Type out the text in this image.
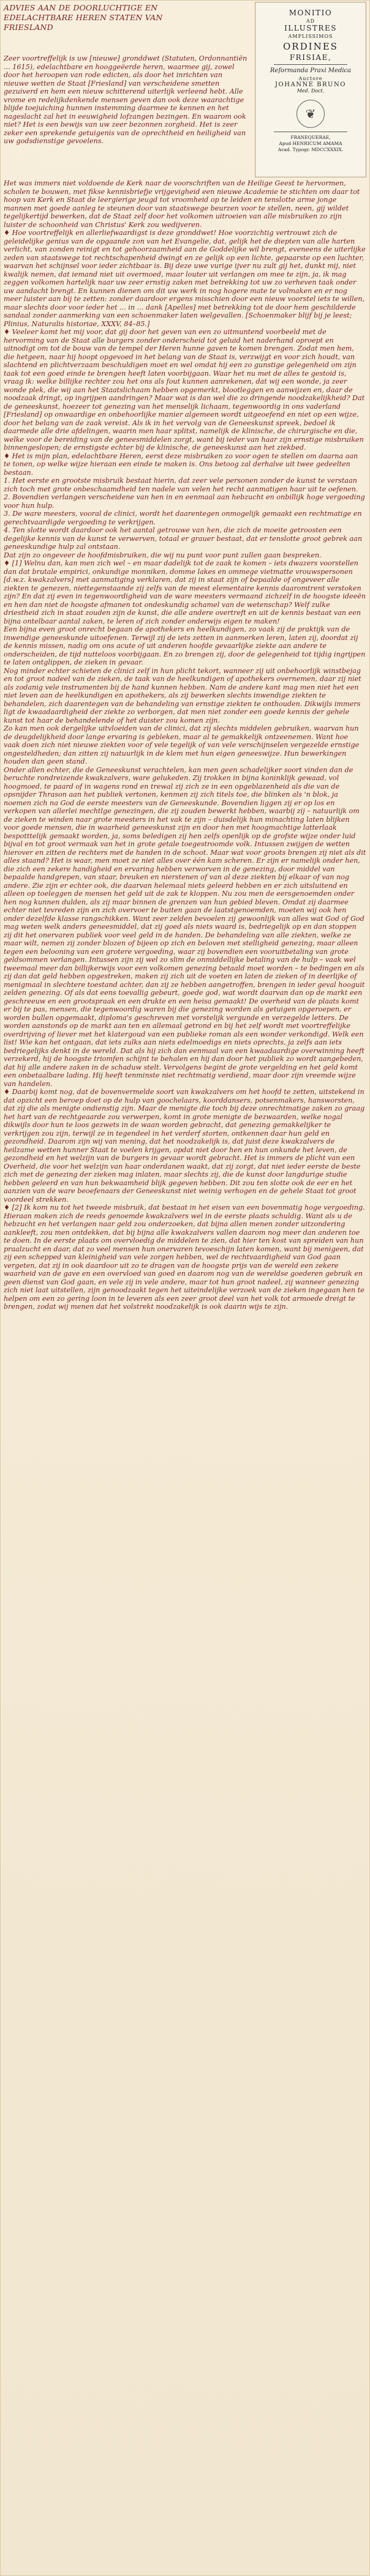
ADVIES AAN DE DOORLUCHTIGE EN
EDELACHTBARE HEREN STATEN VAN
FRIESLAND
MONITIO
AD
ILLUSTRES
AMPLISSIMOS
ORDINES
FRISIAE,
Reformanda Praxi Medica
Auctore
JOHANNE BRUNO
Med. Doct.
❦
FRANEQUERAE,
Apud HENRICUM AMAMA
Acad. Typogr. MDCCXXXIX.

Zeer voortreffelijk is uw [nieuwe] gronddwet (Statuten, Ordonnantiën ... 1615), edelachtbare en hooggeëerde heren, waarmee gij, zowel door het heroopen van rode edicten, als door het inrichten van nieuwe wetten de Staat [Friesland] van verscheidene smetten gezuiverd en hem een nieuw schitterend uiterlijk verleend hebt. Alle vrome en redelijkdenkende mensen geven dan ook deze waarachtige blijde toejuiching hunnen instemming daarmee te kennen en het nageslacht zal het in eeuwigheid lofzangen bezingen. En waarom ook niet? Het is een bewijs van uw zeer bezonnen zorgheid. Het is zeer zeker een sprekende getuigenis van de oprechtheid en heiligheid van uw godsdienstige gevoelens.

Het was immers niet voldoende de Kerk naar de voorschriften van de Heilige Geest te hervormen, scholen te bouwen, met fikse kennisbriefje vrijgevigheid een nieuwe Academie te stichten om daar tot hoop van Kerk en Staat de leergierige jeugd tot vroomheid op te leiden en tenslotte arme jonge mannen met goede aanleg te steunen door van staatswege beurzen voor te stellen, neen, gij wildet tegelijkertijd bewerken, dat de Staat zelf door het volkomen uitroeien van alle misbruiken zo zijn luister de schoonheid van Christus' Kerk zou wedijveren.

♦ Hoe voortreffelijk en allerliefwaardigst is deze gronddwet! Hoe voorzichtig vertrouwt zich de geleidelijke genius van de opgaande zon van het Evangelie, dat, gelijk het de diepten van alle harten verlicht, van zonden reinigt en tot gehoorzaamheid aan de Goddelijke wil brengt, eveneens de uiterlijke zeden van staatswege tot rechtschapenheid dwingt en ze gelijk op een lichte, gepaarste op een luchter, waarvan het schijnsel voor ieder zichtbaar is. Bij deze uwe vurige ijver nu zult gij het, dunkt mij, niet kwalijk nemen, dat iemand niet uit overmoed, maar louter uit verlangen om mee te zijn, ja, ik mag zeggen volkomen hartelijk naar uw zeer ernstig zaken met betrekking tot uw zo verheven taak onder uw aandacht brengt. En kunnen dienen om dit uw werk in nog hogere mate te volmaken en er nog meer luister aan bij te zetten: zonder daardoor ergens misschien door een nieuw voorstel iets te willen, maar slechts door voor ieder het ... in ... dank [Apelles] met betrekking tot de door hem geschilderde sandaal zonder aanmerking van een schoenmaker laten welgevallen. [Schoenmaker blijf bij je leest; Plinius, Naturalis historiae, XXXV, 84–85.]

♦ Veeleer komt het mij voor, dat gij door het geven van een zo uitmuntend voorbeeld met de hervorming van de Staat alle burgers zonder onderscheid tot geluid het naderhand oproept en uitnodigt om tot de bouw van de tempel der Heren hunne gaven te komen brengen. Zodat men hem, die hetgeen, naar hij hoopt opgevoed in het belang van de Staat is, verzwijgt en voor zich houdt, van slachtend en plichtverzaam beschuldigen moet en wel omdat hij een zo gunstige gelegenheid om zijn taak tot een goed einde te brengen heeft laten voorbijgaan. Waar het nu met de alles te gestoid is, vraag ik: welke billijke rechter zou het ons als fout kunnen aanrekenen, dat wij een wonde, ja zeer wonde plek, die wij aan het Staatslichaam hebben opgemerkt, blootleggen en aanwijzen en, daar de noodzaak dringt, op ingrijpen aandringen? Maar wat is dan wel die zo dringende noodzakelijkheid? Dat de geneeskunst, hoezeer tot genezing van het menselijk lichaam, tegenwoordig in ons vaderland [Friesland] op onwaardige en onbehoorlijke manier algemeen wordt uitgeoefend en niet op een wijze, door het belang van de zaak vereist. Als ik in het vervolg van de Geneeskunst spreek, bedoel ik daarmede alle drie afdelingen, waarin men haar splitst, namelijk de klinische, de chirurgische en die, welke voor de bereiding van de geneesmiddelen zorgt, want bij ieder van haar zijn ernstige misbruiken binnengeslopen; de ernstigste echter bij de klinische, de geneeskunst aan het ziekbed.

♦ Het is mijn plan, edelachtbare Heren, eerst deze misbruiken zo voor ogen te stellen om daarna aan te tonen, op welke wijze hieraan een einde te maken is. Ons betoog zal derhalve uit twee gedeelten bestaan.

1. Het eerste en grootste misbruik bestaat hierin, dat zeer vele personen zonder de kunst te verstaan zich toch met grote onbeschaamdheid ten nadele van velen het recht aanmatigen haar uit te oefenen.

2. Bovendien verlangen verscheidene van hen in en eenmaal aan hebzucht en onbillijk hoge vergoeding voor hun hulp.

3. De ware meesters, vooral de clinici, wordt het daarentegen onmogelijk gemaakt een rechtmatige en gerechtvaardigde vergoeding te verkrijgen.

4. Ten slotte wordt daardoor ook het aantal getrouwe van hen, die zich de moeite getroosten een degelijke kennis van de kunst te verwerven, totaal er grauer bestaat, dat er tenslotte groot gebrek aan geneeskundige hulp zal ontstaan.

Dat zijn zo ongeveer de hoofdmisbruiken, die wij nu punt voor punt zullen gaan bespreken.

♦ [1] Welnu dan, kan men zich wel – en maar dadelijk tot de zaak te komen – iets dwazers voorstellen dan dat brutale empirici, onkundige monniken, domme lakes en ommege vietmatte vrouwspersonen [d.w.z. kwakzalvers] met aanmatiging verklaren, dat zij in staat zijn of bepaalde of ongeveer alle ziekten te genezen, niettegenstaande zij zelfs van de meest elementaire kennis daaromtrent verstoken zijn? En dat zij even in tegenwoordigheid van de ware meesters vermaand zichzelf in de hoogste ideeën en hen dan niet de hoogste afmanen tot ondeskundig schamel van de wetenschap? Welf zulke driestheid zich in staat zouden zijn de kunst, die alle andere overtreft en uit de kennis bestaat van een bijna ontelbaar aantal zaken, te leren of zich zonder onderwijs eigen te maken!

Een bijna even groot onrecht begaan de apothekers en heelkundigen, zo vaak zij de praktijk van de inwendige geneeskunde uitoefenen. Terwijl zij de iets zetten in aanmerken leren, laten zij, doordat zij de kennis missen, nadig om ons acute of uit anderen hoofde gevaarlijke ziekte aan andere te onderscheiden, de tijd nutteloos voorbijgaan. En zo brengen zij, door de gelegenheid tot tijdig ingrijpen te laten ontglippen, de zieken in gevaar.

Nog minder echter schieten de clinici zelf in hun plicht tekort, wanneer zij uit onbehoorlijk winstbejag en tot groot nadeel van de zieken, de taak van de heelkundigen of apothekers overnemen, daar zij niet als zodanig vele instrumenten bij de hand kunnen hebben. Nam de andere kant mag men niet het een niet leven aan de heelkundigen en apothekers, als zij bewerken slechts inwendige ziekten te behandelen, zich daarentegen van de behandeling van ernstige ziekten te onthouden. Dikwijls immers ligt de kwaadaardigheid der ziekte zo verborgen, dat men niet zonder een goede kennis der gehele kunst tot haar de behandelende of het duister zou komen zijn.

Zo kan men ook dergelijke uitvloeiden van de clinici, dat zij slechts middelen gebruiken, waarvan hun de deugdelijkheid door lange ervaring is gebleken, maar al te gemakkelijk ontzeenemen. Want hoe vaak doen zich niet nieuwe ziekten voor of vele tegelijk of van vele verschijnselen vergezelde ernstige ongesteldheden; dan zitten zij natuurlijk in de klem met hun eigen geneeswijze. Hun bewerkingen houden dan geen stand.

Onder allen echter, die de Geneeskunst verachtelen, kan men geen schadelijker soort vinden dan de beruchte rondreizende kwakzalvers, ware gelukeden. Zij trokken in bijna koninklijk gewaad, vol hoogmoed, te paard of in wagens rond en trewal zij zich ze in een opgeblazenheid als die van de opsnijder Thrason aan het publiek vertonen, kenmen zij zich titels toe, die blinken als 'n blok, ja noemen zich na God de eerste meesters van de Geneeskunde. Bovendien liggen zij er op los en verkopen van allerlei mechtlge genezingen, die zij zouden bewerkt hebben, waarbij zij – natuurlijk om de zieken te winden naar grote meesters in het vak te zijn – duisdelijk hun minachting laten blijken voor goede mensen, die in waarheid geneeskunst zijn en door hen met hoogmachtige latterlaak bespotttelijk gemaakt worden, ja, soms beledigen zij hen zelfs openlijk op de grofste wijze onder luid bijval en tot groot vermaak van het in grote getale toegestroomde volk. Intussen zwijgen de wetten hierover en zitten de rechters met de handen in de schoot. Maar wat voor groots brengen zij niet als dit alles staand? Het is waar, men moet ze niet alles over één kam scheren. Er zijn er namelijk onder hen, die zich een zekere handigheid en ervaring hebben verworven in de genezing, door middel van bepaalde handgrepen, van staar, breuken en nierstenen of van al deze ziekten bij elkaar of van nog andere. Zie zijn er echter ook, die daarvan helemaal niets geleerd hebben en er zich uitsluitend en alleen op toeleggen de mensen het geld uit de zak te kloppen. Nu zou men de eersgenoemden onder hen nog kunnen dulden, als zij maar binnen de grenzen van hun gebied bleven. Omdat zij daarmee echter niet tevreden zijn en zich overvoer te buiten gaan de laatstgenoemden, moeten wij ook hen onder dezelfde klasse rangschikken. Want zeer zelden bevoelen zij gewoonlijk van alles wat God of God mag weten welk anders geneesmiddel, dat zij goed als niets waard is, bedriegelijk op en dan stoppen zij dit het onervaren publiek voor veel geld in de handen. De behandeling van alle ziekten, welke ze maar wilt, nemen zij zonder blozen of bijeen op zich en beloven met stelligheid genezing, maar alleen tegen een belooning van een grotere vergoeding, waar zij bovendien een vooruitbetaling van grote geldsommen verlangen. Intussen zijn zij wel zo slim de onmiddellijke betaling van de hulp – vaak wel tweemaal meer dan billijkerwijs voor een volkomen genezing betaald moet worden – te bedingen en als zij dan dat geld hebben opgestreken, maken zij zich uit de voeten en laten de zieken of in deerlijke of menigmaal in slechtere toestand achter, dan zij ze hebben aangetroffen, brengen in ieder geval hooguit zelden genezing. Of als dat eens toevallig gebeurt, goede god, wat wordt daarvan dan op de markt een geschreeuw en een grootspraak en een drukte en een heisa gemaakt! De overheid van de plaats komt er bij te pas, mensen, die tegenwoordig waren bij die genezing worden als getuigen opgeroepen, er worden bullen opgemaakt, diploma's geschreven met vorstelijk vergunde en verzegelde letters. De worden aanstonds op de markt aan ten en allemaal getrond en bij het zelf wordt met voortreffelijke overdrijving of liever met het klatergoud van een publieke roman als een wonder verkondigd. Welk een list! Wie kan het ontgaan, dat iets zulks aan niets edelmoedigs en niets oprechts, ja zelfs aan iets bedriegelijks denkt in de wereld. Dat als hij zich dan eenmaal van een kwaadaardige overwinning heeft verzekerd, hij de hoogste triomfen schijnt te behalen en hij dan door het publiek zo wordt aangebeden, dat hij alle andere zaken in de schaduw stelt. Vervolgens begint de grote vergelding en het geld komt een onbetaalbare lading. Hij heeft tenminste niet rechtmatig verdiend, maar door zijn vreemde wijze van handelen.

♦ Daarbij komt nog, dat de bovenvermelde soort van kwakzalvers om het hoofd te zetten, uitstekend in dat opzicht een beroep doet op de hulp van goochelaars, koorddansers, potsenmakers, hansworsten, dat zij die als menigte ondienstig zijn. Maar de menigte die toch bij deze onrechtmatige zaken zo graag het hart van de rechtgeaarde zou verwerpen, komt in grote menigte de bezwaarden, welke nogal dikwijls door hun te loos gezwets in de waan worden gebracht, dat genezing gemakkelijker te verkrijgen zou zijn, terwijl ze in tegendeel in het verderf storten, ontkennen daar hun geld en gezondheid. Daarom zijn wij van mening, dat het noodzakelijk is, dat juist deze kwakzalvers de heilzame wetten hunner Staat te voelen krijgen, opdat niet door hen en hun onkunde het leven, de gezondheid en het welzijn van de burgers in gevaar wordt gebracht. Het is immers de plicht van een Overheid, die voor het welzijn van haar onderdanen waakt, dat zij zorgt, dat niet ieder eerste de beste zich met de genezing der zieken mag inlaten, maar slechts zij, die de kunst door langdurige studie hebben geleerd en van hun bekwaamheid blijk gegeven hebben. Dit zou ten slotte ook de eer en het aanzien van de ware beoefenaars der Geneeskunst niet weinig verhogen en de gehele Staat tot groot voordeel strekken.

♦ [2] Ik kom nu tot het tweede misbruik, dat bestaat in het eisen van een bovenmatig hoge vergoeding. Hieraan maken zich de reeds genoemde kwakzalvers wel in de eerste plaats schuldig. Want als u de hebzucht en het verlangen naar geld zou onderzoeken, dat bijna allen menen zonder uitzondering aankleeft, zou men ontdekken, dat bij bijna alle kwakzalvers vallen daarom nog meer dan anderen toe te doen. In de eerste plaats om overvloedig de middelen te zien, dat hier ten kost van spreiden van hun praalzucht en daar, dat zo veel mensen hun onervaren tevoeschijn laten komen, want bij menigeen, dat zij een schepped van kleinigheid van vele zorgen hebben, wel de rechtvaardigheid van God gaan vergeten, dat zij in ook daardoor uit zo te dragen van de hoogste prijs van de wereld een zekere waarheid van de gave en een overvloed van goed en daarom nog van de wereldse goederen gebruik en geen dienst van God gaan, en vele zij in vele andere, maar tot hun groot nadeel, zij wanneer genezing zich niet laat uitstellen, zijn genoodzaakt tegen het uiteindelijke verzoek van de zieken ingegaan hen te helpen om een zo gering loon in te leveren als een zeer groot deel van het volk tot armoede dreigt te brengen, zodat wij menen dat het volstrekt noodzakelijk is ook daarin wijs te zijn.
